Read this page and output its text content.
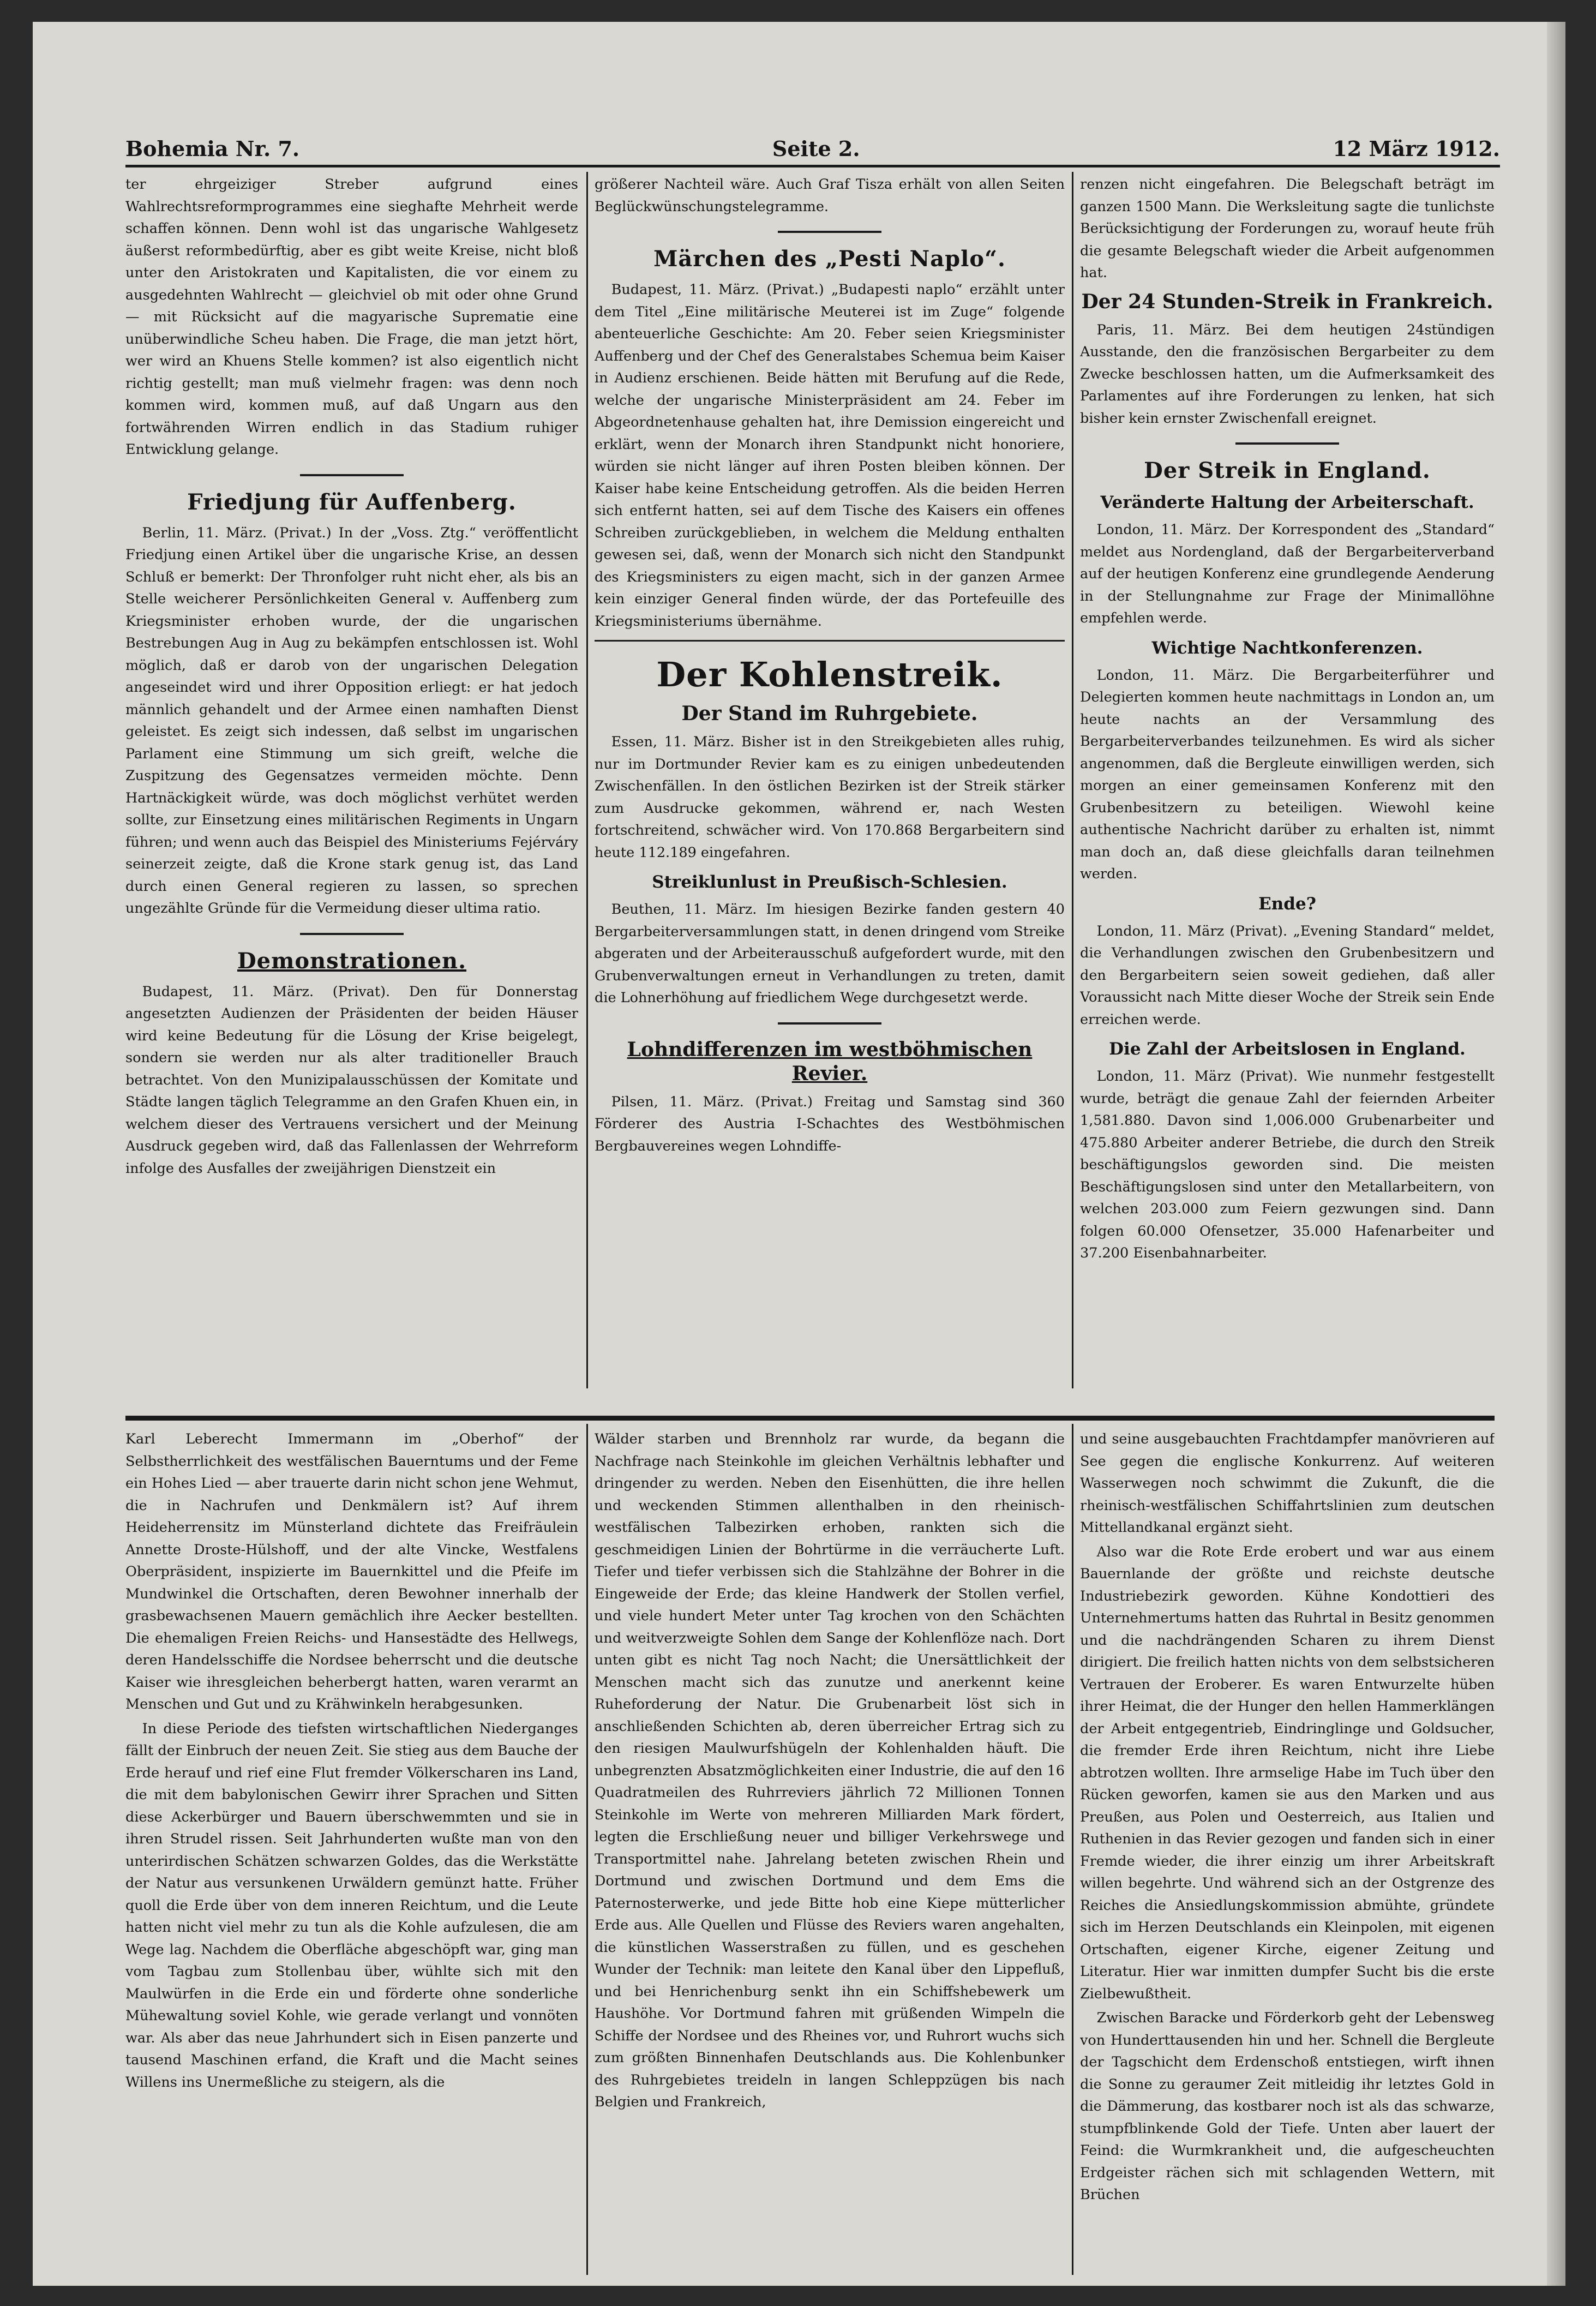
Bohemia Nr. 7.	Seite 2.	12 März 1912.

ter ehrgeiziger Streber aufgrund eines Wahlrechtsreformprogrammes eine sieghafte Mehrheit werde schaffen können. Denn wohl ist das ungarische Wahlgesetz äußerst reformbedürftig, aber es gibt weite Kreise, nicht bloß unter den Aristokraten und Kapitalisten, die vor einem zu ausgedehnten Wahlrecht — gleichviel ob mit oder ohne Grund — mit Rücksicht auf die magyarische Suprematie eine unüberwindliche Scheu haben. Die Frage, die man jetzt hört, wer wird an Khuens Stelle kommen? ist also eigentlich nicht richtig gestellt; man muß vielmehr fragen: was denn noch kommen wird, kommen muß, auf daß Ungarn aus den fortwährenden Wirren endlich in das Stadium ruhiger Entwicklung gelange.

Friedjung für Auffenberg.

Berlin, 11. März. (Privat.) In der „Voss. Ztg.“ veröffentlicht Friedjung einen Artikel über die ungarische Krise, an dessen Schluß er bemerkt: Der Thronfolger ruht nicht eher, als bis an Stelle weicherer Persönlichkeiten General v. Auffenberg zum Kriegsminister erhoben wurde, der die ungarischen Bestrebungen Aug in Aug zu bekämpfen entschlossen ist. Wohl möglich, daß er darob von der ungarischen Delegation angeseindet wird und ihrer Opposition erliegt: er hat jedoch männlich gehandelt und der Armee einen namhaften Dienst geleistet. Es zeigt sich indessen, daß selbst im ungarischen Parlament eine Stimmung um sich greift, welche die Zuspitzung des Gegensatzes vermeiden möchte. Denn Hartnäckigkeit würde, was doch möglichst verhütet werden sollte, zur Einsetzung eines militärischen Regiments in Ungarn führen; und wenn auch das Beispiel des Ministeriums Fejérváry seinerzeit zeigte, daß die Krone stark genug ist, das Land durch einen General regieren zu lassen, so sprechen ungezählte Gründe für die Vermeidung dieser ultima ratio.

Demonstrationen.

Budapest, 11. März. (Privat). Den für Donnerstag angesetzten Audienzen der Präsidenten der beiden Häuser wird keine Bedeutung für die Lösung der Krise beigelegt, sondern sie werden nur als alter traditioneller Brauch betrachtet. Von den Munizipalausschüssen der Komitate und Städte langen täglich Telegramme an den Grafen Khuen ein, in welchem dieser des Vertrauens versichert und der Meinung Ausdruck gegeben wird, daß das Fallenlassen der Wehrreform infolge des Ausfalles der zweijährigen Dienstzeit ein

größerer Nachteil wäre. Auch Graf Tisza erhält von allen Seiten Beglückwünschungstelegramme.

Märchen des „Pesti Naplo“.

Budapest, 11. März. (Privat.) „Budapesti naplo“ erzählt unter dem Titel „Eine militärische Meuterei ist im Zuge“ folgende abenteuerliche Geschichte: Am 20. Feber seien Kriegsminister Auffenberg und der Chef des Generalstabes Schemua beim Kaiser in Audienz erschienen. Beide hätten mit Berufung auf die Rede, welche der ungarische Ministerpräsident am 24. Feber im Abgeordnetenhause gehalten hat, ihre Demission eingereicht und erklärt, wenn der Monarch ihren Standpunkt nicht honoriere, würden sie nicht länger auf ihren Posten bleiben können. Der Kaiser habe keine Entscheidung getroffen. Als die beiden Herren sich entfernt hatten, sei auf dem Tische des Kaisers ein offenes Schreiben zurückgeblieben, in welchem die Meldung enthalten gewesen sei, daß, wenn der Monarch sich nicht den Standpunkt des Kriegsministers zu eigen macht, sich in der ganzen Armee kein einziger General finden würde, der das Portefeuille des Kriegsministeriums übernähme.

Der Kohlenstreik.
Der Stand im Ruhrgebiete.

Essen, 11. März. Bisher ist in den Streikgebieten alles ruhig, nur im Dortmunder Revier kam es zu einigen unbedeutenden Zwischenfällen. In den östlichen Bezirken ist der Streik stärker zum Ausdrucke gekommen, während er, nach Westen fortschreitend, schwächer wird. Von 170.868 Bergarbeitern sind heute 112.189 eingefahren.

Streiklunlust in Preußisch-Schlesien.

Beuthen, 11. März. Im hiesigen Bezirke fanden gestern 40 Bergarbeiterversammlungen statt, in denen dringend vom Streike abgeraten und der Arbeiterausschuß aufgefordert wurde, mit den Grubenverwaltungen erneut in Verhandlungen zu treten, damit die Lohnerhöhung auf friedlichem Wege durchgesetzt werde.

Lohndifferenzen im westböhmischen Revier.

Pilsen, 11. März. (Privat.) Freitag und Samstag sind 360 Förderer des Austria I-Schachtes des Westböhmischen Bergbauvereines wegen Lohndiffe-

renzen nicht eingefahren. Die Belegschaft beträgt im ganzen 1500 Mann. Die Werksleitung sagte die tunlichste Berücksichtigung der Forderungen zu, worauf heute früh die gesamte Belegschaft wieder die Arbeit aufgenommen hat.

Der 24 Stunden-Streik in Frankreich.

Paris, 11. März. Bei dem heutigen 24stündigen Ausstande, den die französischen Bergarbeiter zu dem Zwecke beschlossen hatten, um die Aufmerksamkeit des Parlamentes auf ihre Forderungen zu lenken, hat sich bisher kein ernster Zwischenfall ereignet.

Der Streik in England.
Veränderte Haltung der Arbeiterschaft.

London, 11. März. Der Korrespondent des „Standard“ meldet aus Nordengland, daß der Bergarbeiterverband auf der heutigen Konferenz eine grundlegende Aenderung in der Stellungnahme zur Frage der Minimallöhne empfehlen werde.

Wichtige Nachtkonferenzen.

London, 11. März. Die Bergarbeiterführer und Delegierten kommen heute nachmittags in London an, um heute nachts an der Versammlung des Bergarbeiterverbandes teilzunehmen. Es wird als sicher angenommen, daß die Bergleute einwilligen werden, sich morgen an einer gemeinsamen Konferenz mit den Grubenbesitzern zu beteiligen. Wiewohl keine authentische Nachricht darüber zu erhalten ist, nimmt man doch an, daß diese gleichfalls daran teilnehmen werden.

Ende?

London, 11. März (Privat). „Evening Standard“ meldet, die Verhandlungen zwischen den Grubenbesitzern und den Bergarbeitern seien soweit gediehen, daß aller Voraussicht nach Mitte dieser Woche der Streik sein Ende erreichen werde.

Die Zahl der Arbeitslosen in England.

London, 11. März (Privat). Wie nunmehr festgestellt wurde, beträgt die genaue Zahl der feiernden Arbeiter 1,581.880. Davon sind 1,006.000 Grubenarbeiter und 475.880 Arbeiter anderer Betriebe, die durch den Streik beschäftigungslos geworden sind. Die meisten Beschäftigungslosen sind unter den Metallarbeitern, von welchen 203.000 zum Feiern gezwungen sind. Dann folgen 60.000 Ofensetzer, 35.000 Hafenarbeiter und 37.200 Eisenbahnarbeiter.

Karl Leberecht Immermann im „Oberhof“ der Selbstherrlichkeit des westfälischen Bauerntums und der Feme ein Hohes Lied — aber trauerte darin nicht schon jene Wehmut, die in Nachrufen und Denkmälern ist? Auf ihrem Heideherrensitz im Münsterland dichtete das Freifräulein Annette Droste-Hülshoff, und der alte Vincke, Westfalens Oberpräsident, inspizierte im Bauernkittel und die Pfeife im Mundwinkel die Ortschaften, deren Bewohner innerhalb der grasbewachsenen Mauern gemächlich ihre Aecker bestellten. Die ehemaligen Freien Reichs- und Hansestädte des Hellwegs, deren Handelsschiffe die Nordsee beherrscht und die deutsche Kaiser wie ihresgleichen beherbergt hatten, waren verarmt an Menschen und Gut und zu Krähwinkeln herabgesunken.

In diese Periode des tiefsten wirtschaftlichen Niederganges fällt der Einbruch der neuen Zeit. Sie stieg aus dem Bauche der Erde herauf und rief eine Flut fremder Völkerscharen ins Land, die mit dem babylonischen Gewirr ihrer Sprachen und Sitten diese Ackerbürger und Bauern überschwemmten und sie in ihren Strudel rissen. Seit Jahrhunderten wußte man von den unterirdischen Schätzen schwarzen Goldes, das die Werkstätte der Natur aus versunkenen Urwäldern gemünzt hatte. Früher quoll die Erde über von dem inneren Reichtum, und die Leute hatten nicht viel mehr zu tun als die Kohle aufzulesen, die am Wege lag. Nachdem die Oberfläche abgeschöpft war, ging man vom Tagbau zum Stollenbau über, wühlte sich mit den Maulwürfen in die Erde ein und förderte ohne sonderliche Mühewaltung soviel Kohle, wie gerade verlangt und vonnöten war. Als aber das neue Jahrhundert sich in Eisen panzerte und tausend Maschinen erfand, die Kraft und die Macht seines Willens ins Unermeßliche zu steigern, als die

Wälder starben und Brennholz rar wurde, da begann die Nachfrage nach Steinkohle im gleichen Verhältnis lebhafter und dringender zu werden. Neben den Eisenhütten, die ihre hellen und weckenden Stimmen allenthalben in den rheinisch-westfälischen Talbezirken erhoben, rankten sich die geschmeidigen Linien der Bohrtürme in die verräucherte Luft. Tiefer und tiefer verbissen sich die Stahlzähne der Bohrer in die Eingeweide der Erde; das kleine Handwerk der Stollen verfiel, und viele hundert Meter unter Tag krochen von den Schächten und weitverzweigte Sohlen dem Sange der Kohlenflöze nach. Dort unten gibt es nicht Tag noch Nacht; die Unersättlichkeit der Menschen macht sich das zunutze und anerkennt keine Ruheforderung der Natur. Die Grubenarbeit löst sich in anschließenden Schichten ab, deren überreicher Ertrag sich zu den riesigen Maulwurfshügeln der Kohlenhalden häuft. Die unbegrenzten Absatzmöglichkeiten einer Industrie, die auf den 16 Quadratmeilen des Ruhrreviers jährlich 72 Millionen Tonnen Steinkohle im Werte von mehreren Milliarden Mark fördert, legten die Erschließung neuer und billiger Verkehrswege und Transportmittel nahe. Jahrelang beteten zwischen Rhein und Dortmund und zwischen Dortmund und dem Ems die Paternosterwerke, und jede Bitte hob eine Kiepe mütterlicher Erde aus. Alle Quellen und Flüsse des Reviers waren angehalten, die künstlichen Wasserstraßen zu füllen, und es geschehen Wunder der Technik: man leitete den Kanal über den Lippefluß, und bei Henrichenburg senkt ihn ein Schiffshebewerk um Haushöhe. Vor Dortmund fahren mit grüßenden Wimpeln die Schiffe der Nordsee und des Rheines vor, und Ruhrort wuchs sich zum größten Binnenhafen Deutschlands aus. Die Kohlenbunker des Ruhrgebietes treideln in langen Schleppzügen bis nach Belgien und Frankreich,

und seine ausgebauchten Frachtdampfer manövrieren auf See gegen die englische Konkurrenz. Auf weiteren Wasserwegen noch schwimmt die Zukunft, die die rheinisch-westfälischen Schiffahrtslinien zum deutschen Mittellandkanal ergänzt sieht.

Also war die Rote Erde erobert und war aus einem Bauernlande der größte und reichste deutsche Industriebezirk geworden. Kühne Kondottieri des Unternehmertums hatten das Ruhrtal in Besitz genommen und die nachdrängenden Scharen zu ihrem Dienst dirigiert. Die freilich hatten nichts von dem selbstsicheren Vertrauen der Eroberer. Es waren Entwurzelte hüben ihrer Heimat, die der Hunger den hellen Hammerklängen der Arbeit entgegentrieb, Eindringlinge und Goldsucher, die fremder Erde ihren Reichtum, nicht ihre Liebe abtrotzen wollten. Ihre armselige Habe im Tuch über den Rücken geworfen, kamen sie aus den Marken und aus Preußen, aus Polen und Oesterreich, aus Italien und Ruthenien in das Revier gezogen und fanden sich in einer Fremde wieder, die ihrer einzig um ihrer Arbeitskraft willen begehrte. Und während sich an der Ostgrenze des Reiches die Ansiedlungskommission abmühte, gründete sich im Herzen Deutschlands ein Kleinpolen, mit eigenen Ortschaften, eigener Kirche, eigener Zeitung und Literatur. Hier war inmitten dumpfer Sucht bis die erste Zielbewußtheit.

Zwischen Baracke und Förderkorb geht der Lebensweg von Hunderttausenden hin und her. Schnell die Bergleute der Tagschicht dem Erdenschoß entstiegen, wirft ihnen die Sonne zu geraumer Zeit mitleidig ihr letztes Gold in die Dämmerung, das kostbarer noch ist als das schwarze, stumpfblinkende Gold der Tiefe. Unten aber lauert der Feind: die Wurmkrankheit und, die aufgescheuchten Erdgeister rächen sich mit schlagenden Wettern, mit Brüchen
